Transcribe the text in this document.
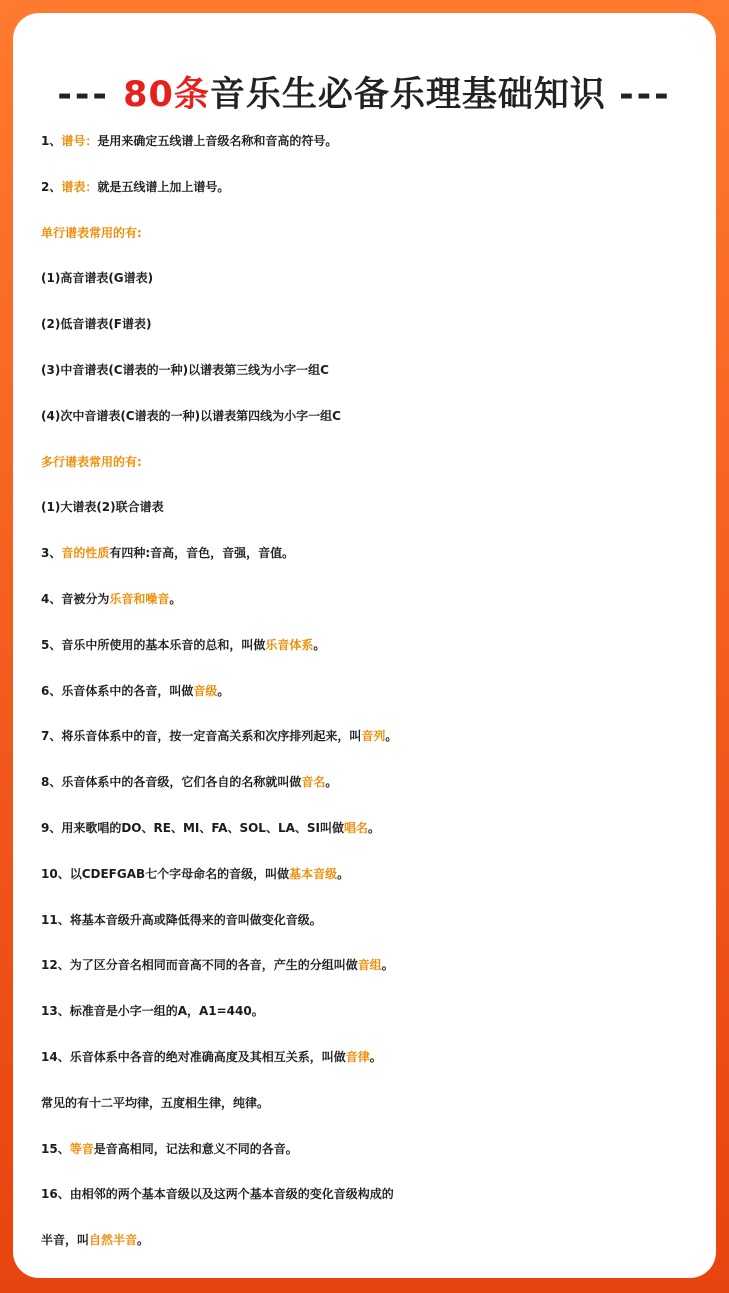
--- 80条音乐生必备乐理基础知识 ---
1、谱号：是用来确定五线谱上音级名称和音高的符号。
2、谱表：就是五线谱上加上谱号。
单行谱表常用的有:
(1)高音谱表(G谱表)
(2)低音谱表(F谱表)
(3)中音谱表(C谱表的一种)以谱表第三线为小字一组C
(4)次中音谱表(C谱表的一种)以谱表第四线为小字一组C
多行谱表常用的有:
(1)大谱表(2)联合谱表
3、音的性质有四种:音高，音色，音强，音值。
4、音被分为乐音和噪音。
5、音乐中所使用的基本乐音的总和，叫做乐音体系。
6、乐音体系中的各音，叫做音级。
7、将乐音体系中的音，按一定音高关系和次序排列起来，叫音列。
8、乐音体系中的各音级，它们各自的名称就叫做音名。
9、用来歌唱的DO、RE、MI、FA、SOL、LA、SI叫做唱名。
10、以CDEFGAB七个字母命名的音级，叫做基本音级。
11、将基本音级升高或降低得来的音叫做变化音级。
12、为了区分音名相同而音高不同的各音，产生的分组叫做音组。
13、标准音是小字一组的A，A1=440。
14、乐音体系中各音的绝对准确高度及其相互关系，叫做音律。
常见的有十二平均律，五度相生律，纯律。
15、等音是音高相同，记法和意义不同的各音。
16、由相邻的两个基本音级以及这两个基本音级的变化音级构成的
半音，叫自然半音。
